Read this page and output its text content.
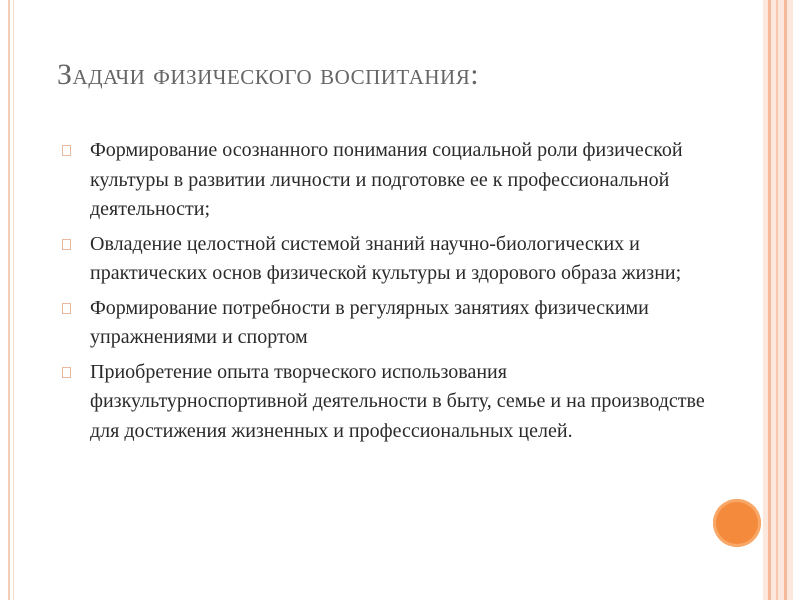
Задачи физического воспитания:
Формирование осознанного понимания социальной роли физической культуры в развитии личности и подготовке ее к профессиональной деятельности;
Овладение целостной системой знаний научно-биологических и практических основ физической культуры и здорового образа жизни;
Формирование потребности в регулярных занятиях физическими упражнениями и спортом
Приобретение опыта творческого использования физкультурноспортивной деятельности в быту, семье и на производстве для достижения жизненных и профессиональных целей.
